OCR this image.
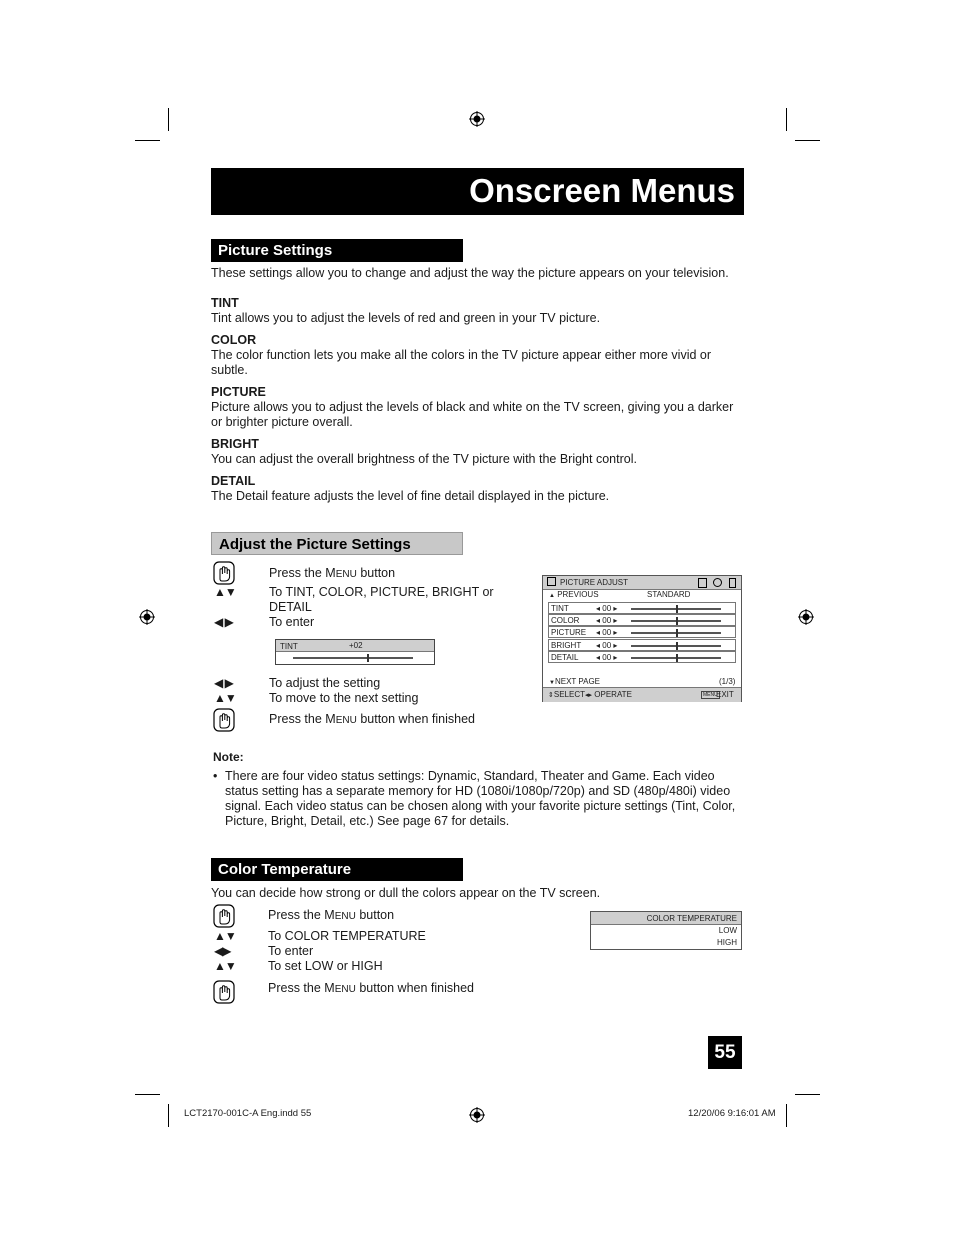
Onscreen Menus
Picture Settings
These settings allow you to change and adjust the way the picture appears on your television.
TINT
Tint allows you to adjust the levels of red and green in your TV picture.
COLOR
The color function lets you make all the colors in the TV picture appear either more vivid or subtle.
PICTURE
Picture allows you to adjust the levels of black and white on the TV screen, giving you a darker or brighter picture overall.
BRIGHT
You can adjust the overall brightness of the TV picture with the Bright control.
DETAIL
The Detail feature adjusts the level of fine detail displayed in the picture.
Adjust the Picture Settings
Press the MENU button
▲▼	To TINT, COLOR, PICTURE, BRIGHT or DETAIL
◀ ▶	To enter
TINT	+02
◀ ▶	To adjust the setting
▲▼	To move to the next setting
Press the MENU button when finished
PICTURE ADJUST
▲ PREVIOUS	STANDARD
TINT	◂ 00 ▸
COLOR ◂ 00 ▸
PICTURE ◂ 00 ▸
BRIGHT ◂ 00 ▸
DETAIL ◂ 00 ▸
▼NEXT PAGE	(1/3)
⇕SELECT◂▸ OPERATE	MENU
EXIT
Note:
• There are four video status settings: Dynamic, Standard, Theater and Game. Each video status setting has a separate memory for HD (1080i/1080p/720p) and SD (480p/480i) video signal. Each video status can be chosen along with your favorite picture settings (Tint, Color, Picture, Bright, Detail, etc.) See page 67 for details.
Color Temperature
You can decide how strong or dull the colors appear on the TV screen.
Press the MENU button
▲▼	To COLOR TEMPERATURE
◀▶	To enter
▲▼	To set LOW or HIGH
Press the MENU button when finished
COLOR TEMPERATURE
LOW
HIGH
55
LCT2170-001C-A Eng.indd 55	12/20/06 9:16:01 AM
